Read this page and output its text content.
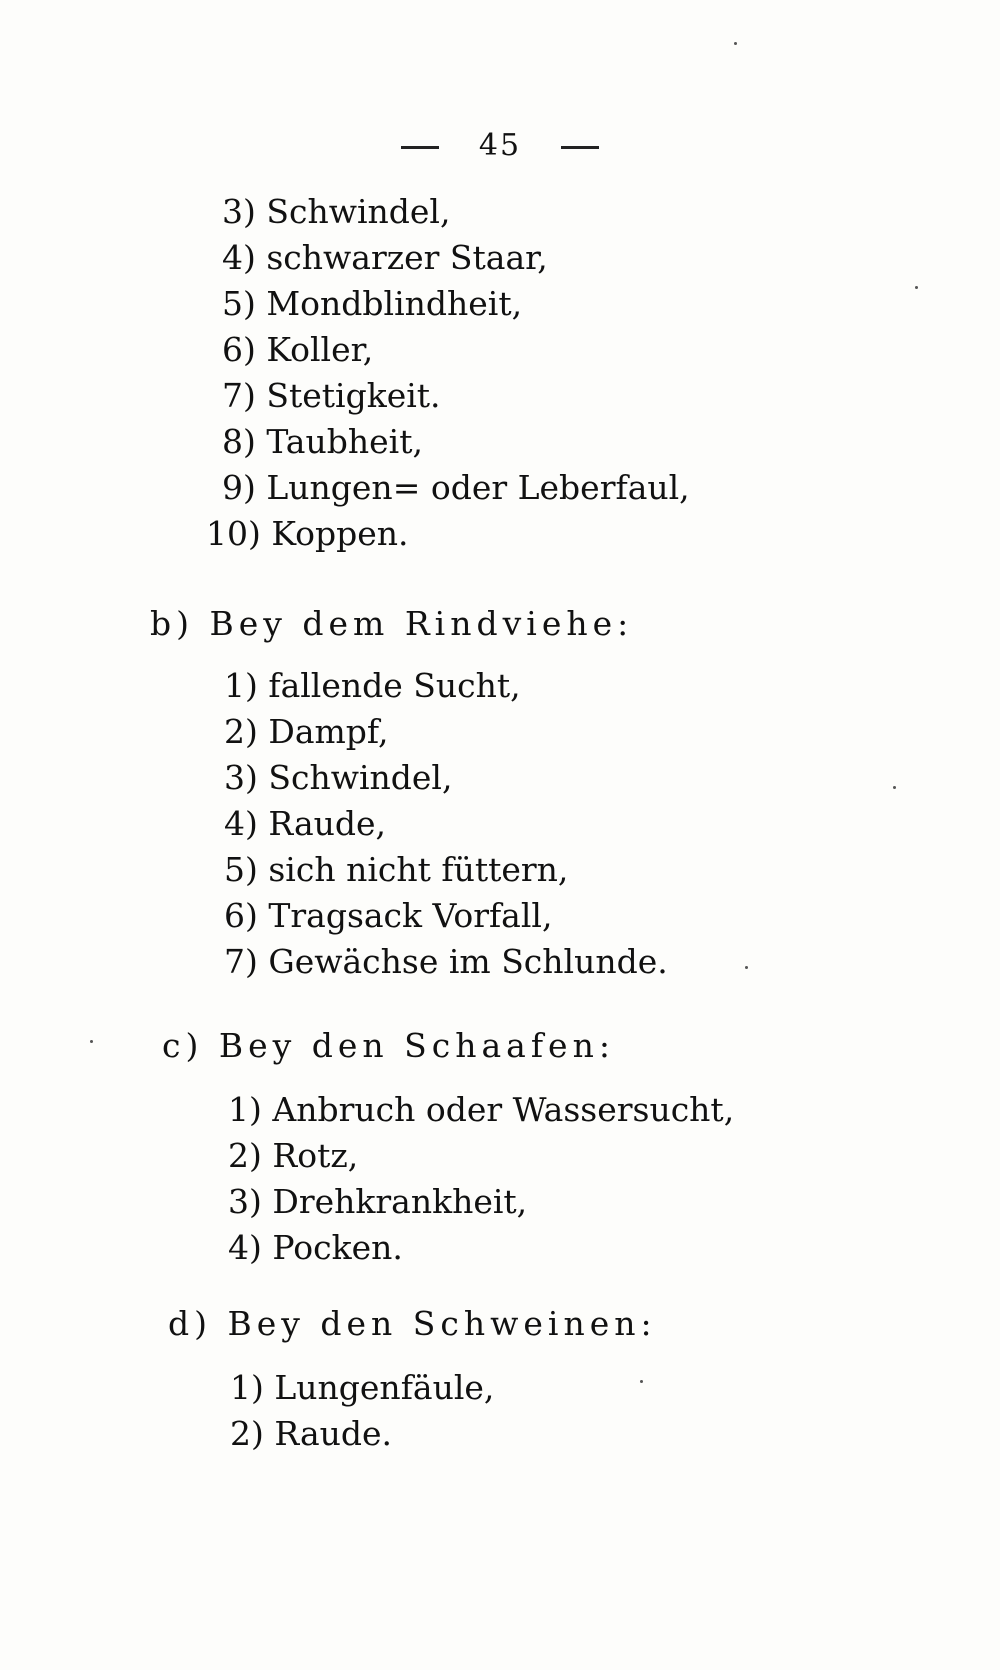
45
3) Schwindel,
4) schwarzer Staar,
5) Mondblindheit,
6) Koller,
7) Stetigkeit.
8) Taubheit,
9) Lungen= oder Leberfaul,
10) Koppen.
b) Bey dem Rindviehe:
1) fallende Sucht,
2) Dampf,
3) Schwindel,
4) Raude,
5) sich nicht füttern,
6) Tragsack Vorfall,
7) Gewächse im Schlunde.
c) Bey den Schaafen:
1) Anbruch oder Wassersucht,
2) Rotz,
3) Drehkrankheit,
4) Pocken.
d) Bey den Schweinen:
1) Lungenfäule,
2) Raude.
